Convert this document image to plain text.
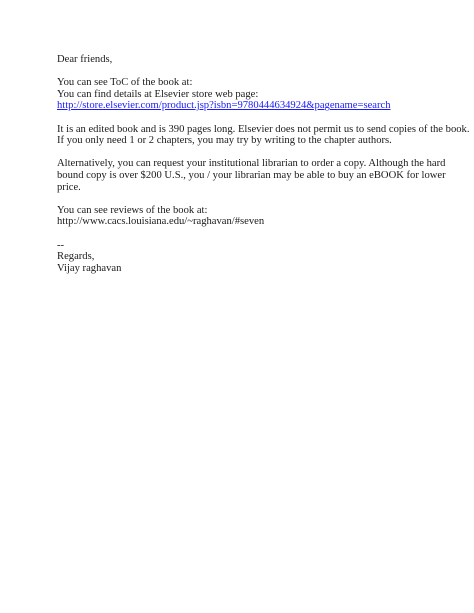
Dear friends,
You can see ToC of the book at:
You can find details at Elsevier store web page:
http://store.elsevier.com/product.jsp?isbn=9780444634924&pagename=search
It is an edited book and is 390 pages long. Elsevier does not permit us to send copies of the book.
If you only need 1 or 2 chapters, you may try by writing to the chapter authors.
Alternatively, you can request your institutional librarian to order a copy. Although the hard
bound copy is over $200 U.S., you / your librarian may be able to buy an eBOOK for lower
price.
You can see reviews of the book at:
http://www.cacs.louisiana.edu/~raghavan/#seven
--
Regards,
Vijay raghavan
